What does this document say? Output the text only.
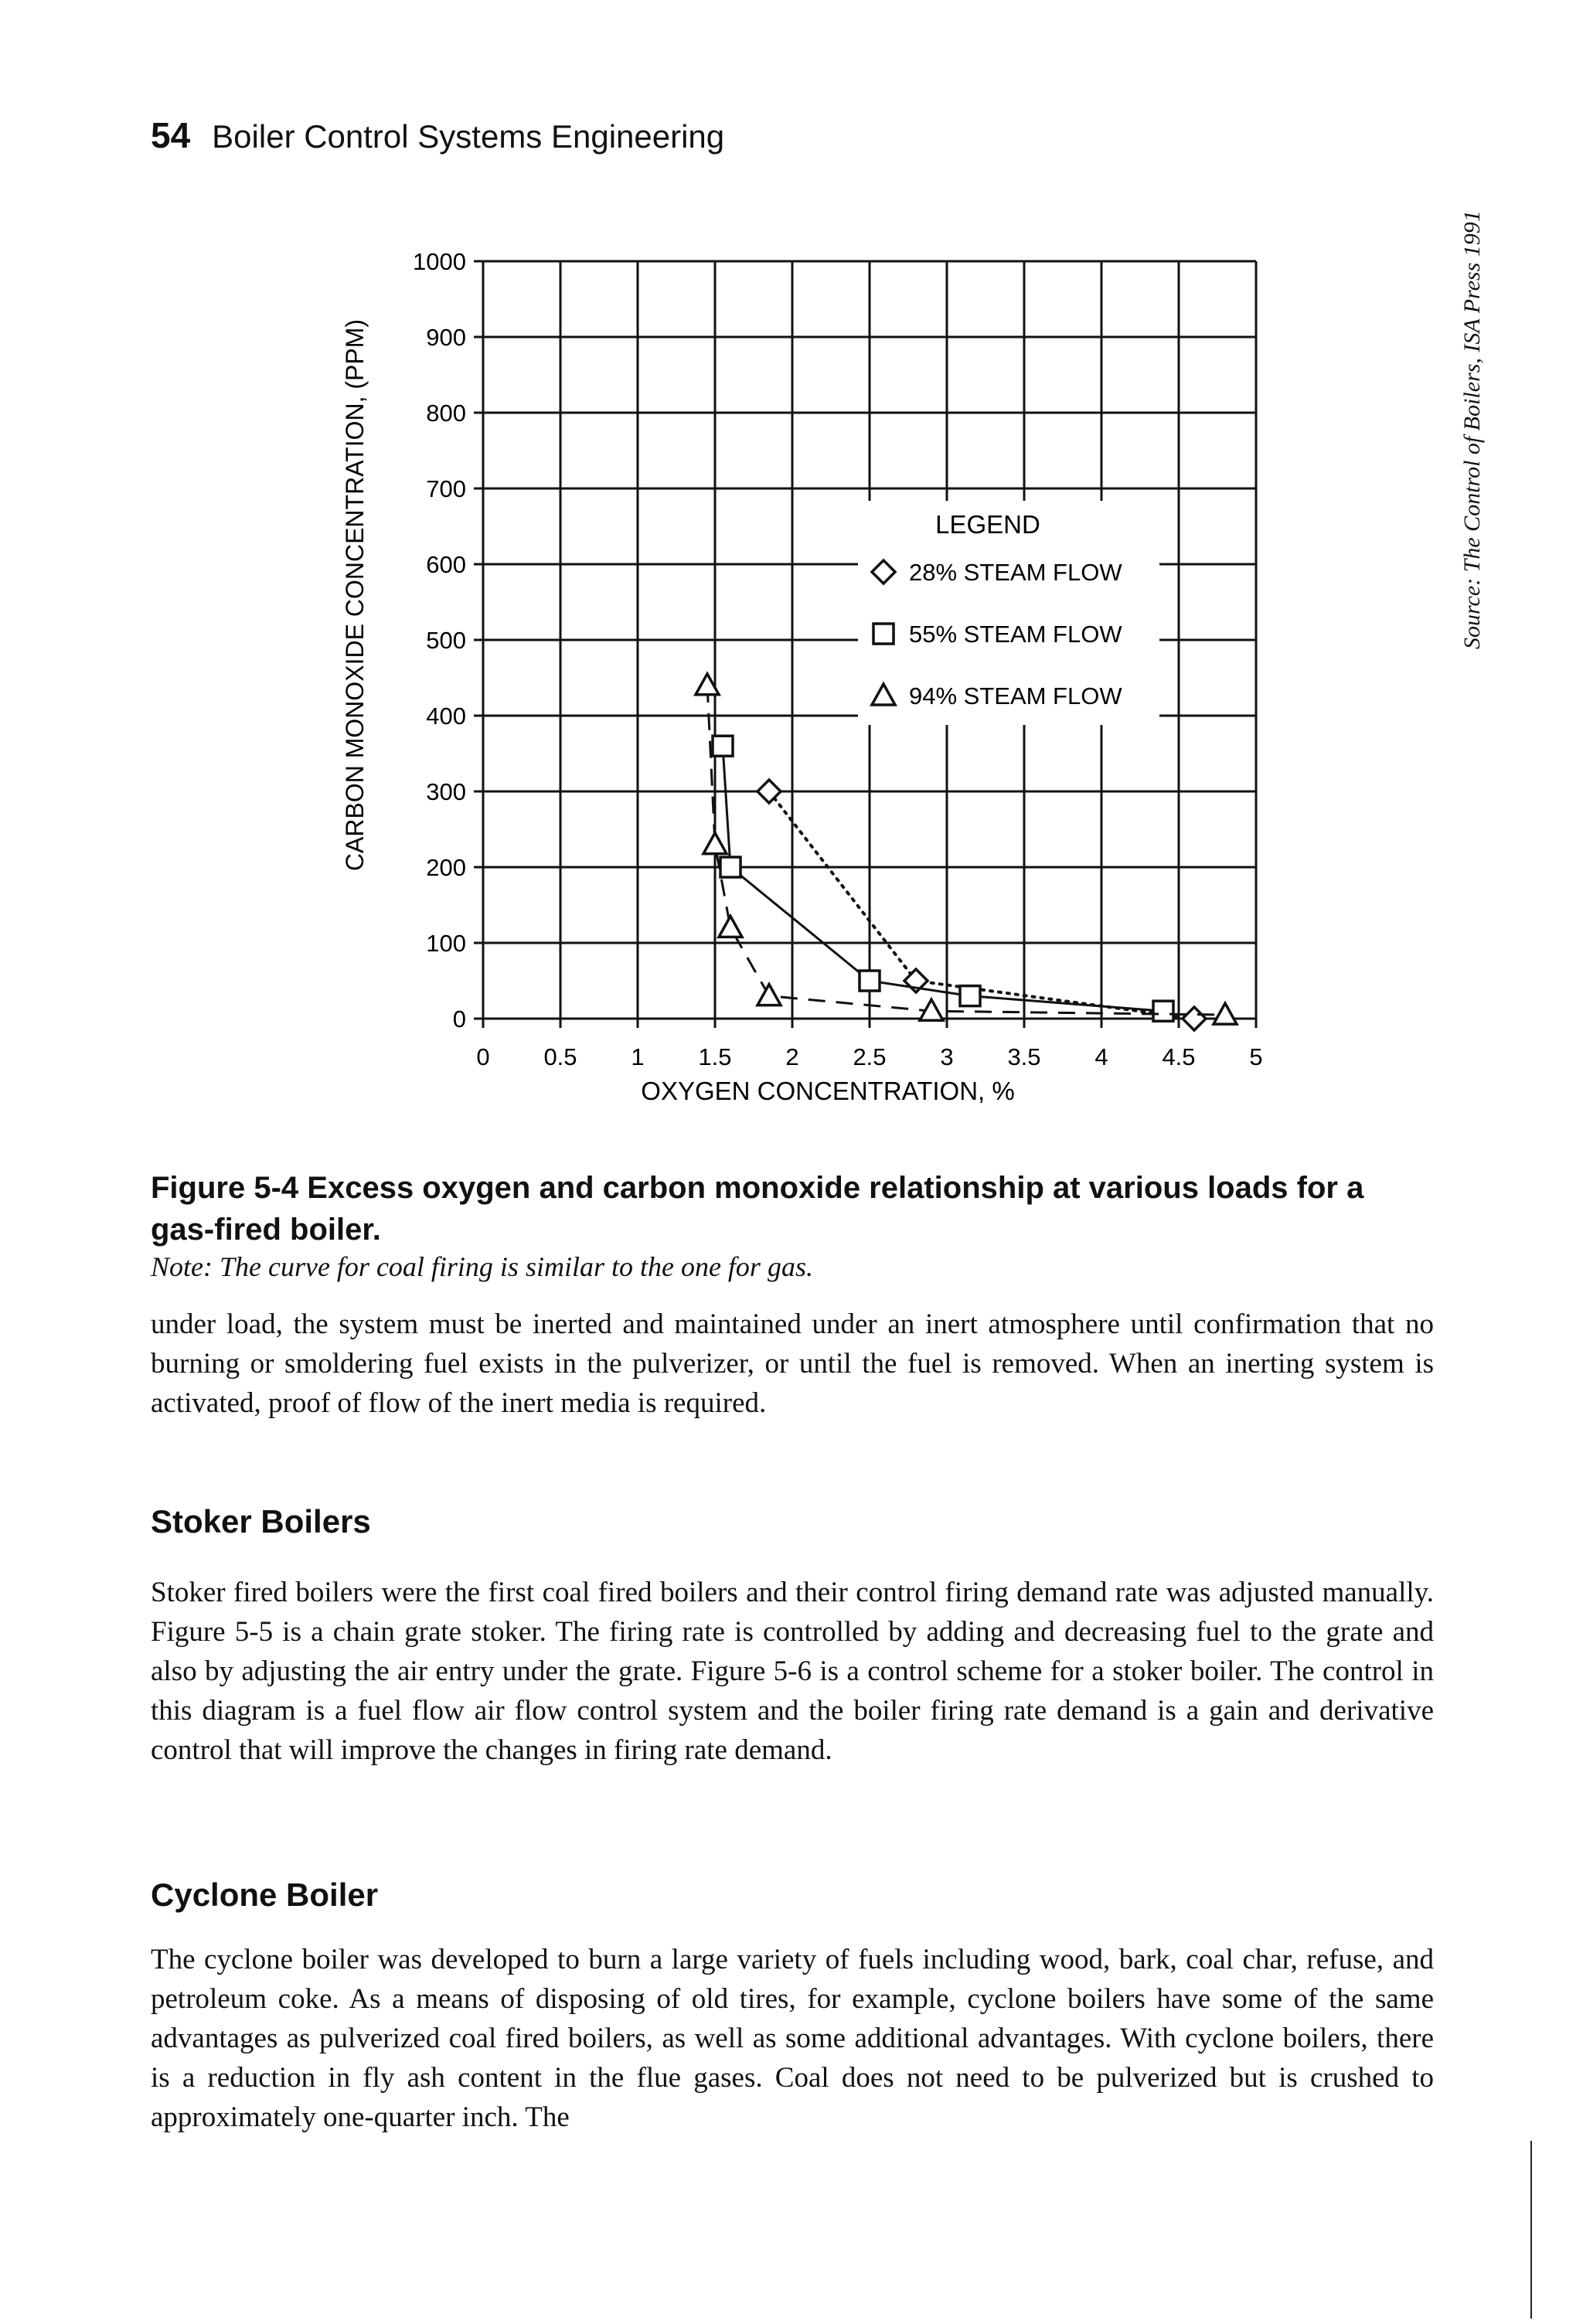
54 Boiler Control Systems Engineering
0 0.5 1 1.5 2 2.5 3 3.5 4 4.5 5
0
100
200
300
400
500
600
700
800
900
1000
LEGEND
28% STEAM FLOW
55% STEAM FLOW
94% STEAM FLOW
OXYGEN CONCENTRATION, %
CARBON MONOXIDE CONCENTRATION, (PPM)	Source: The Control of Boilers, ISA Press 1991
Figure 5-4 Excess oxygen and carbon monoxide relationship at various loads for a gas-fired boiler.
Note: The curve for coal firing is similar to the one for gas.
under load, the system must be inerted and maintained under an inert atmosphere until confirmation that no burning or smoldering fuel exists in the pulverizer, or until the fuel is removed. When an inerting system is activated, proof of flow of the inert media is required.
Stoker Boilers
Stoker fired boilers were the first coal fired boilers and their control firing demand rate was adjusted manually. Figure 5-5 is a chain grate stoker. The firing rate is controlled by adding and decreasing fuel to the grate and also by adjusting the air entry under the grate. Figure 5-6 is a control scheme for a stoker boiler. The control in this diagram is a fuel flow air flow control system and the boiler firing rate demand is a gain and derivative control that will improve the changes in firing rate demand.
Cyclone Boiler
The cyclone boiler was developed to burn a large variety of fuels including wood, bark, coal char, refuse, and petroleum coke. As a means of disposing of old tires, for example, cyclone boilers have some of the same advantages as pulverized coal fired boilers, as well as some additional advantages. With cyclone boilers, there is a reduction in fly ash content in the flue gases. Coal does not need to be pulverized but is crushed to approximately one-quarter inch. The
